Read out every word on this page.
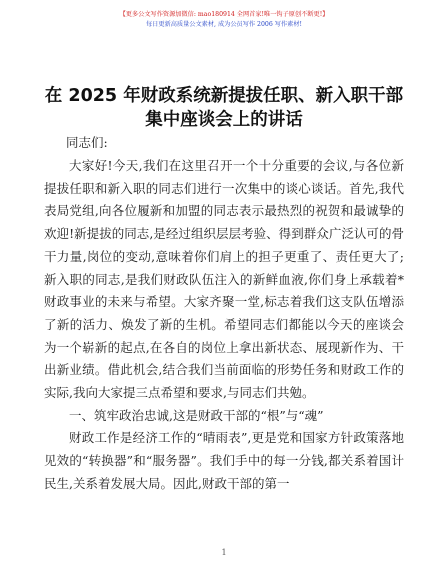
【更多公文写作资源加微信: mao180914 全网首家!唯一钩子原创不断更!】
每日更新高质量公文素材, 成为公员写作 2006 写作素材!
在 2025 年财政系统新提拔任职、新入职干部集中座谈会上的讲话
同志们:

大家好!今天,我们在这里召开一个十分重要的会议,与各位新提拔任职和新入职的同志们进行一次集中的谈心谈话。首先,我代表局党组,向各位履新和加盟的同志表示最热烈的祝贺和最诚挚的欢迎!新提拔的同志,是经过组织层层考验、得到群众广泛认可的骨干力量,岗位的变动,意味着你们肩上的担子更重了、责任更大了;新入职的同志,是我们财政队伍注入的新鲜血液,你们身上承载着*财政事业的未来与希望。大家齐聚一堂,标志着我们这支队伍增添了新的活力、焕发了新的生机。希望同志们都能以今天的座谈会为一个崭新的起点,在各自的岗位上拿出新状态、展现新作为、干出新业绩。借此机会,结合我们当前面临的形势任务和财政工作的实际,我向大家提三点希望和要求,与同志们共勉。

一、筑牢政治忠诚,这是财政干部的“根”与“魂”

财政工作是经济工作的“晴雨表”,更是党和国家方针政策落地见效的“转换器”和“服务器”。我们手中的每一分钱,都关系着国计民生,关系着发展大局。因此,财政干部的第一

1
